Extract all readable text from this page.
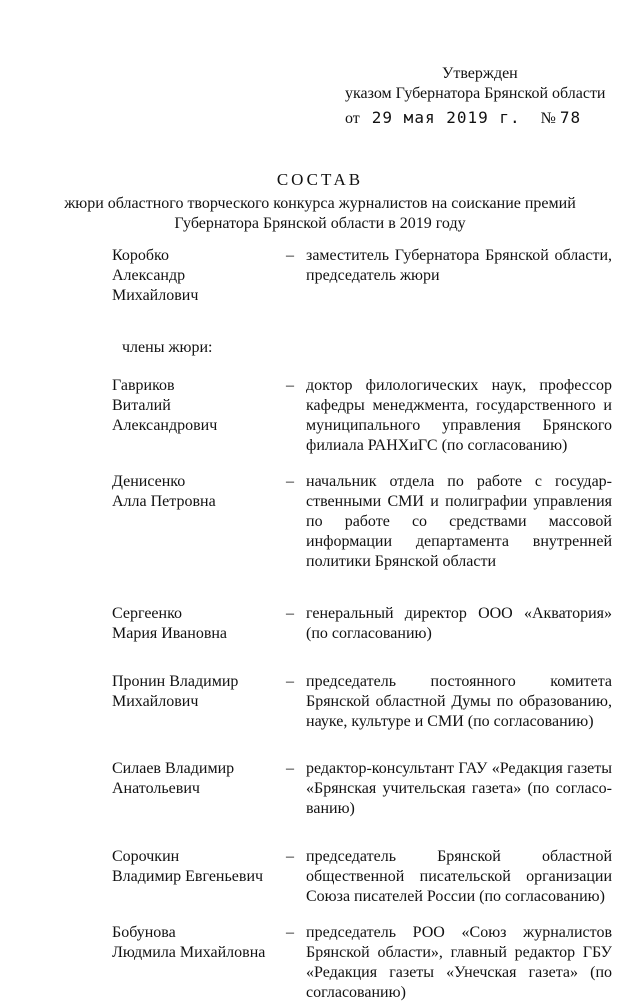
Утвержден
указом Губернатора Брянской области
от 29 мая 2019 г. № 78
СОСТАВ
жюри областного творческого конкурса журналистов на соискание премий
Губернатора Брянской области в 2019 году
Коробко
Александр Михайлович
– заместитель Губернатора Брянской области, председатель жюри
члены жюри:
Гавриков
Виталий Александрович
– доктор филологических наук, профессор кафедры менеджмента, государственного и муниципального управления Брянского филиала РАНХиГС (по согласованию)
Денисенко
Алла Петровна
– начальник отдела по работе с государственными СМИ и полиграфии управления по работе со средствами массовой информации департамента внутренней политики Брянской области
Сергеенко
Мария Ивановна
– генеральный директор ООО «Акватория» (по согласованию)
Пронин Владимир
Михайлович
– председатель постоянного комитета Брянской областной Думы по образованию, науке, культуре и СМИ (по согласованию)
Силаев Владимир
Анатольевич
– редактор-консультант ГАУ «Редакция газеты «Брянская учительская газета» (по согласованию)
Сорочкин
Владимир Евгеньевич
– председатель Брянской областной общественной писательской организации Союза писателей России (по согласованию)
Бобунова
Людмила Михайловна
– председатель РОО «Союз журналистов Брянской области», главный редактор ГБУ «Редакция газеты «Унечская газета» (по согласованию)
